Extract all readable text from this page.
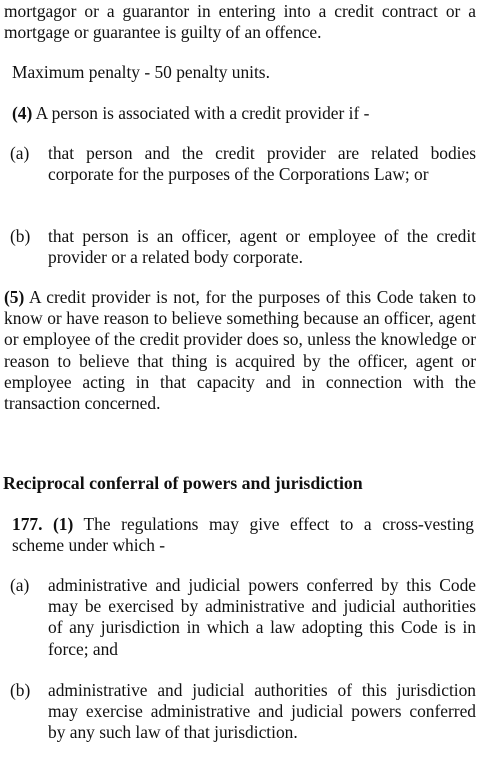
mortgagor or a guarantor in entering into a credit contract or a mortgage or guarantee is guilty of an offence.

Maximum penalty - 50 penalty units.

(4) A person is associated with a credit provider if -

(a) that person and the credit provider are related bodies corporate for the purposes of the Corporations Law; or
(b) that person is an officer, agent or employee of the credit provider or a related body corporate.

(5) A credit provider is not, for the purposes of this Code taken to know or have reason to believe something because an officer, agent or employee of the credit provider does so, unless the knowledge or reason to believe that thing is acquired by the officer, agent or employee acting in that capacity and in connection with the transaction concerned.

Reciprocal conferral of powers and jurisdiction

177. (1) The regulations may give effect to a cross-vesting scheme under which -

(a) administrative and judicial powers conferred by this Code may be exercised by administrative and judicial authorities of any jurisdiction in which a law adopting this Code is in force; and
(b) administrative and judicial authorities of this jurisdiction may exercise administrative and judicial powers conferred by any such law of that jurisdiction.
